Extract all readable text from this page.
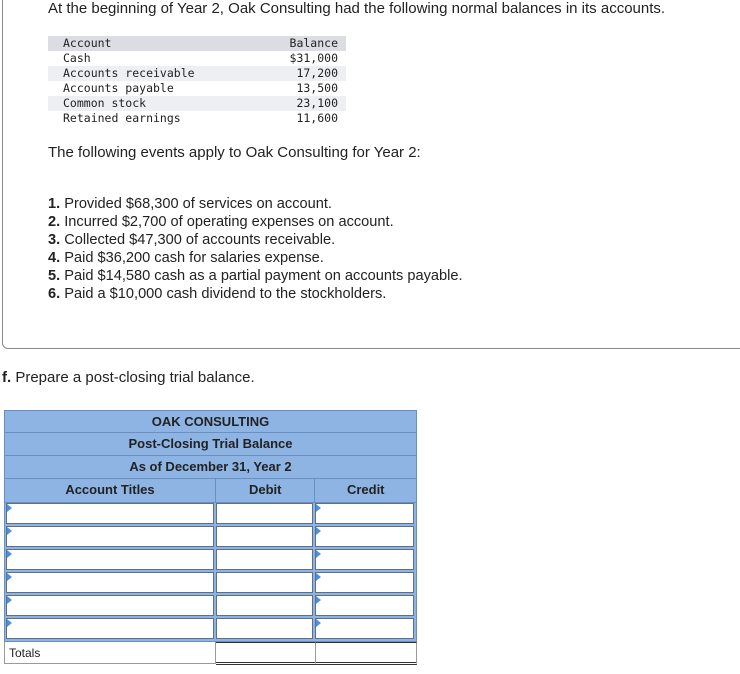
At the beginning of Year 2, Oak Consulting had the following normal balances in its accounts.

Account	Balance
Cash	$31,000
Accounts receivable	17,200
Accounts payable	13,500
Common stock	23,100
Retained earnings	11,600

The following events apply to Oak Consulting for Year 2:

1. Provided $68,300 of services on account.
2. Incurred $2,700 of operating expenses on account.
3. Collected $47,300 of accounts receivable.
4. Paid $36,200 cash for salaries expense.
5. Paid $14,580 cash as a partial payment on accounts payable.
6. Paid a $10,000 cash dividend to the stockholders.

f. Prepare a post-closing trial balance.

OAK CONSULTING
Post-Closing Trial Balance
As of December 31, Year 2
Account Titles	Debit	Credit
Totals
